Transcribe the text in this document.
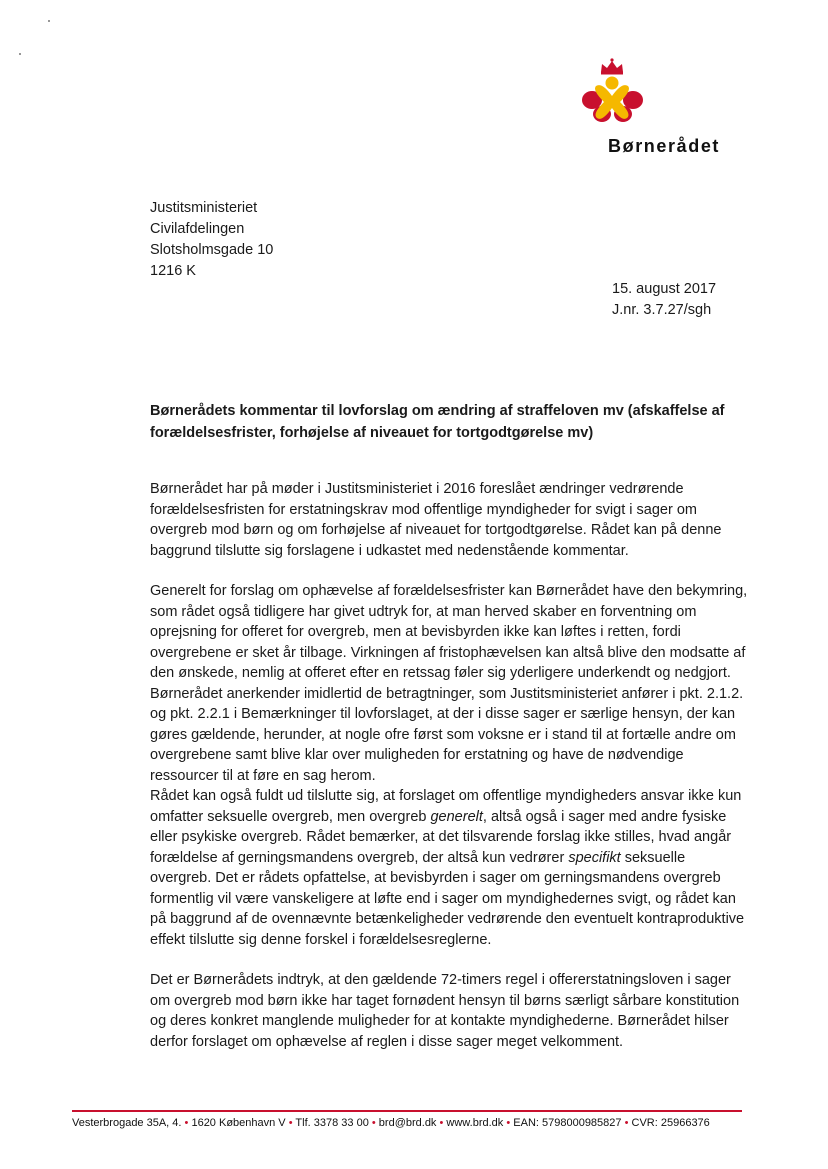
Børnerådet
Justitsministeriet
Civilafdelingen
Slotsholmsgade 10
1216 K
15. august 2017
J.nr. 3.7.27/sgh
Børnerådets kommentar til lovforslag om ændring af straffeloven mv (afskaffelse af forældelsesfrister, forhøjelse af niveauet for tortgodtgørelse mv)

Børnerådet har på møder i Justitsministeriet i 2016 foreslået ændringer vedrørende forældelsesfristen for erstatningskrav mod offentlige myndigheder for svigt i sager om overgreb mod børn og om forhøjelse af niveauet for tortgodtgørelse. Rådet kan på denne baggrund tilslutte sig forslagene i udkastet med nedenstående kommentar.

Generelt for forslag om ophævelse af forældelsesfrister kan Børnerådet have den bekymring, som rådet også tidligere har givet udtryk for, at man herved skaber en forventning om oprejsning for offeret for overgreb, men at bevisbyrden ikke kan løftes i retten, fordi overgrebene er sket år tilbage. Virkningen af fristophævelsen kan altså blive den modsatte af den ønskede, nemlig at offeret efter en retssag føler sig yderligere underkendt og nedgjort. Børnerådet anerkender imidlertid de betragtninger, som Justitsministeriet anfører i pkt. 2.1.2. og pkt. 2.2.1 i Bemærkninger til lovforslaget, at der i disse sager er særlige hensyn, der kan gøres gældende, herunder, at nogle ofre først som voksne er i stand til at fortælle andre om overgrebene samt blive klar over muligheden for erstatning og have de nødvendige ressourcer til at føre en sag herom.

Rådet kan også fuldt ud tilslutte sig, at forslaget om offentlige myndigheders ansvar ikke kun omfatter seksuelle overgreb, men overgreb generelt, altså også i sager med andre fysiske eller psykiske overgreb. Rådet bemærker, at det tilsvarende forslag ikke stilles, hvad angår forældelse af gerningsmandens overgreb, der altså kun vedrører specifikt seksuelle overgreb. Det er rådets opfattelse, at bevisbyrden i sager om gerningsmandens overgreb formentlig vil være vanskeligere at løfte end i sager om myndighedernes svigt, og rådet kan på baggrund af de ovennævnte betænkeligheder vedrørende den eventuelt kontraproduktive effekt tilslutte sig denne forskel i forældelsesreglerne.

Det er Børnerådets indtryk, at den gældende 72-timers regel i offererstatningsloven i sager om overgreb mod børn ikke har taget fornødent hensyn til børns særligt sårbare konstitution og deres konkret manglende muligheder for at kontakte myndighederne. Børnerådet hilser derfor forslaget om ophævelse af reglen i disse sager meget velkomment.

Vesterbrogade 35A, 4. • 1620 København V • Tlf. 3378 33 00 • brd@brd.dk • www.brd.dk • EAN: 5798000985827 • CVR: 25966376
